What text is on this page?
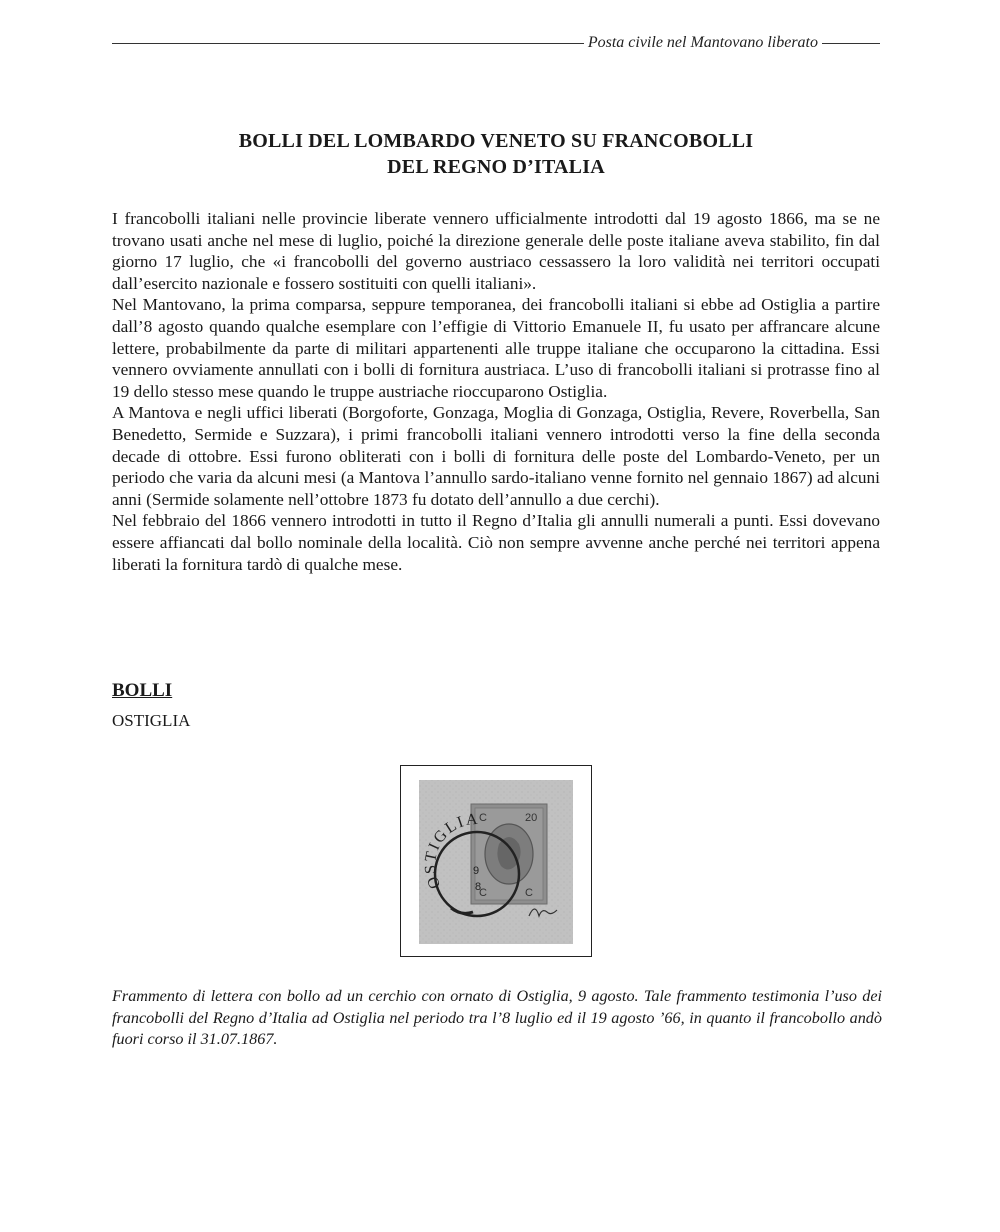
Posta civile nel Mantovano liberato
BOLLI DEL LOMBARDO VENETO SU FRANCOBOLLI
DEL REGNO D’ITALIA

I francobolli italiani nelle provincie liberate vennero ufficialmente introdotti dal 19 agosto 1866, ma se ne trovano usati anche nel mese di luglio, poiché la direzione generale delle poste italiane aveva stabilito, fin dal giorno 17 luglio, che «i francobolli del governo austriaco cessassero la loro validità nei territori occupati dall’esercito nazionale e fossero sostituiti con quelli italiani».

Nel Mantovano, la prima comparsa, seppure temporanea, dei francobolli italiani si ebbe ad Ostiglia a partire dall’8 agosto quando qualche esemplare con l’effigie di Vittorio Emanuele II, fu usato per affrancare alcune lettere, probabilmente da parte di militari appartenenti alle truppe italiane che occuparono la cittadina. Essi vennero ovviamente annullati con i bolli di fornitura austriaca. L’uso di francobolli italiani si protrasse fino al 19 dello stesso mese quando le truppe austriache rioccuparono Ostiglia.

A Mantova e negli uffici liberati (Borgoforte, Gonzaga, Moglia di Gonzaga, Ostiglia, Revere, Roverbella, San Benedetto, Sermide e Suzzara), i primi francobolli italiani vennero introdotti verso la fine della seconda decade di ottobre. Essi furono obliterati con i bolli di fornitura delle poste del Lombardo-Veneto, per un periodo che varia da alcuni mesi (a Mantova l’annullo sardo-italiano venne fornito nel gennaio 1867) ad alcuni anni (Sermide solamente nell’ottobre 1873 fu dotato dell’annullo a due cerchi).

Nel febbraio del 1866 vennero introdotti in tutto il Regno d’Italia gli annulli numerali a punti. Essi dovevano essere affiancati dal bollo nominale della località. Ciò non sempre avvenne anche perché nei territori appena liberati la fornitura tardò di qualche mese.

BOLLI
OSTIGLIA
C	20
C	C
OSTIGLIA
9
8
Frammento di lettera con bollo ad un cerchio con ornato di Ostiglia, 9 agosto. Tale frammento testimonia l’uso dei francobolli del Regno d’Italia ad Ostiglia nel periodo tra l’8 luglio ed il 19 agosto ’66, in quanto il francobollo andò fuori corso il 31.07.1867.
